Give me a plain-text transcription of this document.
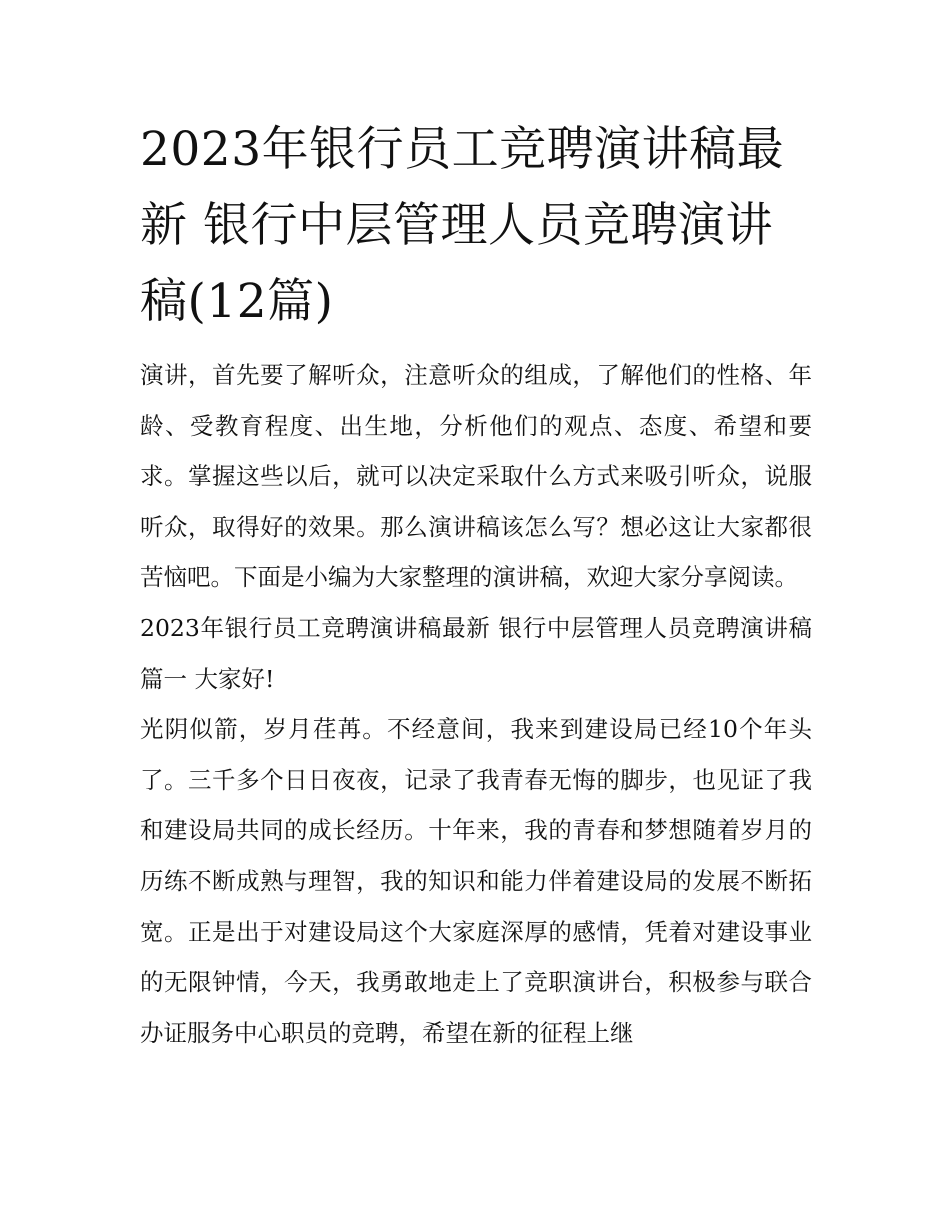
2023年银行员工竞聘演讲稿最新 银行中层管理人员竞聘演讲稿(12篇)

演讲，首先要了解听众，注意听众的组成，了解他们的性格、年龄、受教育程度、出生地，分析他们的观点、态度、希望和要求。掌握这些以后，就可以决定采取什么方式来吸引听众，说服听众，取得好的效果。那么演讲稿该怎么写？想必这让大家都很苦恼吧。下面是小编为大家整理的演讲稿，欢迎大家分享阅读。

2023年银行员工竞聘演讲稿最新 银行中层管理人员竞聘演讲稿篇一 大家好!

光阴似箭，岁月荏苒。不经意间，我来到建设局已经10个年头了。三千多个日日夜夜，记录了我青春无悔的脚步，也见证了我和建设局共同的成长经历。十年来，我的青春和梦想随着岁月的历练不断成熟与理智，我的知识和能力伴着建设局的发展不断拓宽。正是出于对建设局这个大家庭深厚的感情，凭着对建设事业的无限钟情，今天，我勇敢地走上了竞职演讲台，积极参与联合办证服务中心职员的竞聘，希望在新的征程上继
